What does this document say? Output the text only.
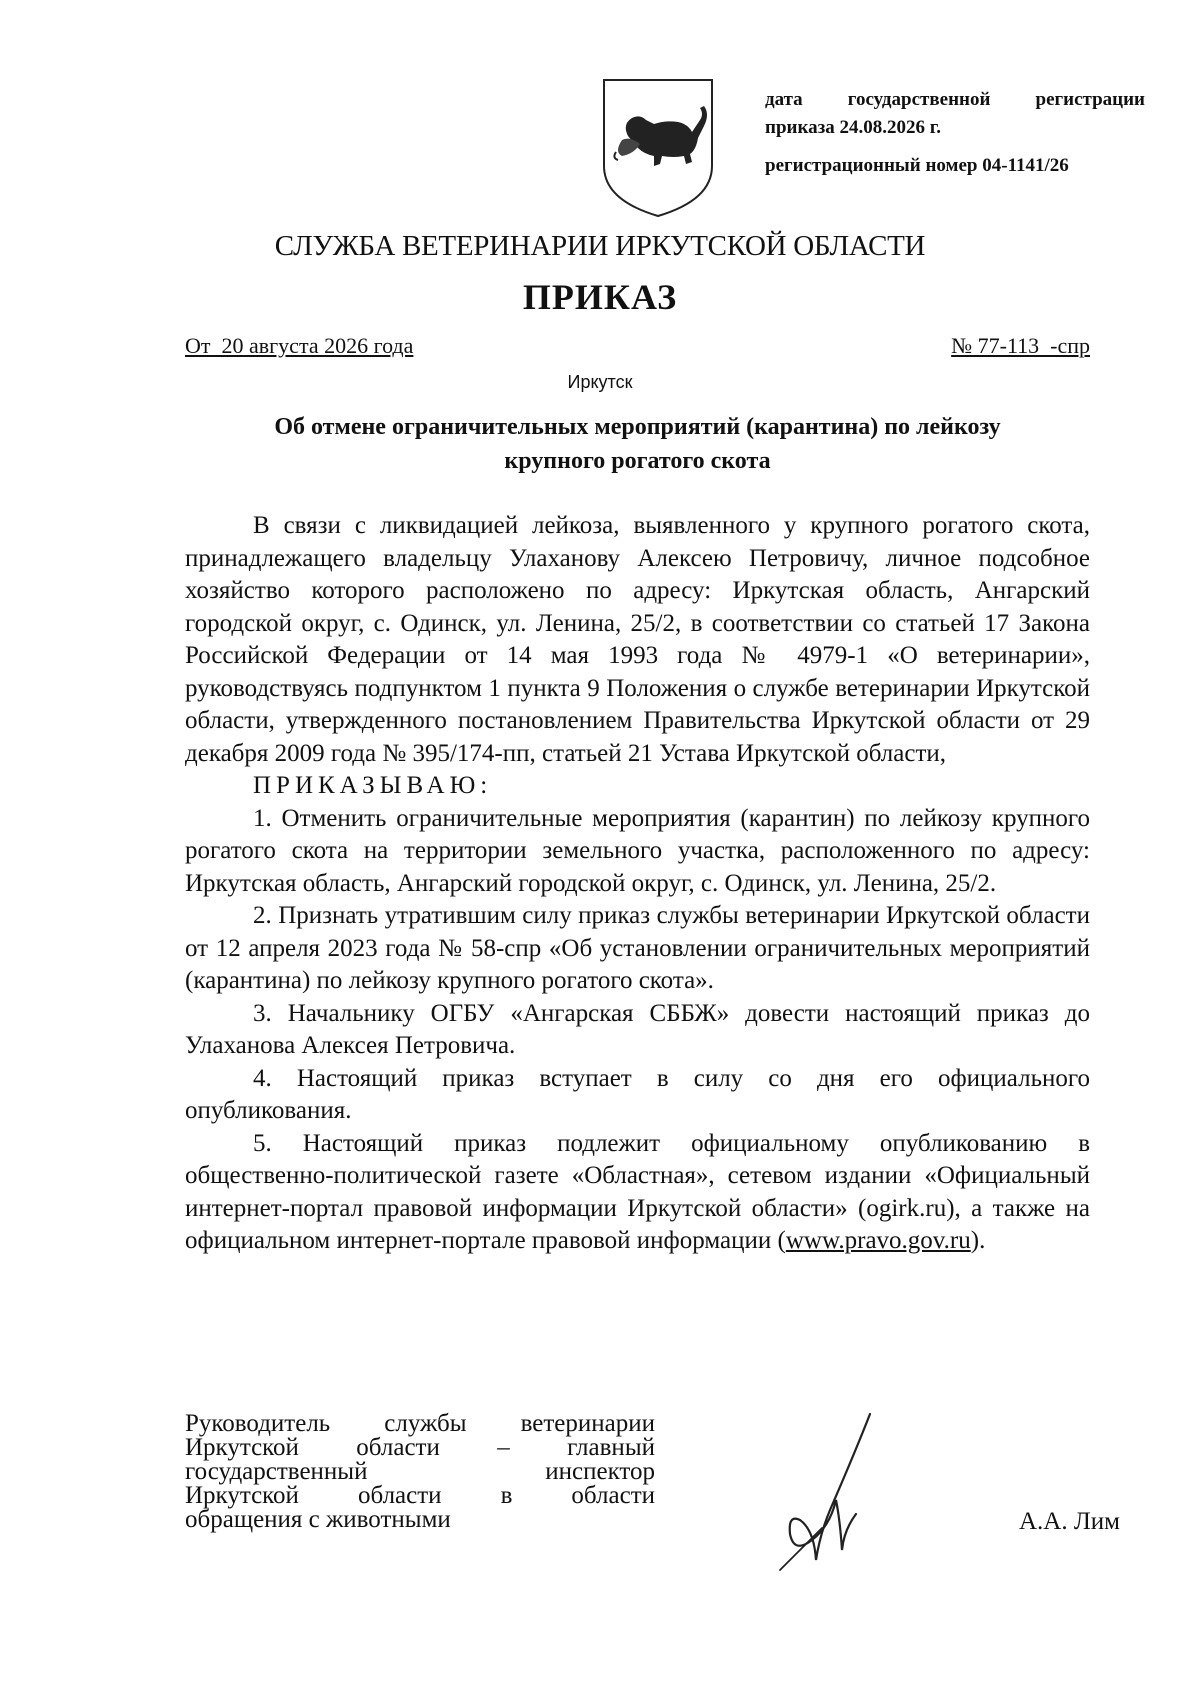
дата государственной регистрации
приказа 24.08.2026 г.
регистрационный номер 04-1141/26
СЛУЖБА ВЕТЕРИНАРИИ ИРКУТСКОЙ ОБЛАСТИ
ПРИКАЗ
От  20 августа 2026 года	№ 77-113  -спр
Иркутск
Об отмене ограничительных мероприятий (карантина) по лейкозу
крупного рогатого скота

В связи с ликвидацией лейкоза, выявленного у крупного рогатого скота, принадлежащего владельцу Улаханову Алексею Петровичу, личное подсобное хозяйство которого расположено по адресу: Иркутская область, Ангарский городской округ, с. Одинск, ул. Ленина, 25/2, в соответствии со статьей 17 Закона Российской Федерации от 14 мая 1993 года № 4979-1 «О ветеринарии», руководствуясь подпунктом 1 пункта 9 Положения о службе ветеринарии Иркутской области, утвержденного постановлением Правительства Иркутской области от 29 декабря 2009 года № 395/174-пп, статьей 21 Устава Иркутской области,

ПРИКАЗЫВАЮ:

1. Отменить ограничительные мероприятия (карантин) по лейкозу крупного рогатого скота на территории земельного участка, расположенного по адресу: Иркутская область, Ангарский городской округ, с. Одинск, ул. Ленина, 25/2.

2. Признать утратившим силу приказ службы ветеринарии Иркутской области от 12 апреля 2023 года № 58-спр «Об установлении ограничительных мероприятий (карантина) по лейкозу крупного рогатого скота».

3. Начальнику ОГБУ «Ангарская СББЖ» довести настоящий приказ до Улаханова Алексея Петровича.

4. Настоящий приказ вступает в силу со дня его официального опубликования.

5. Настоящий приказ подлежит официальному опубликованию в общественно-политической газете «Областная», сетевом издании «Официальный интернет-портал правовой информации Иркутской области» (ogirk.ru), а также на официальном интернет-портале правовой информации (www.pravo.gov.ru).

Руководитель службы ветеринарии
Иркутской области – главный
государственный инспектор
Иркутской области в области
обращения с животными	А.А. Лим
